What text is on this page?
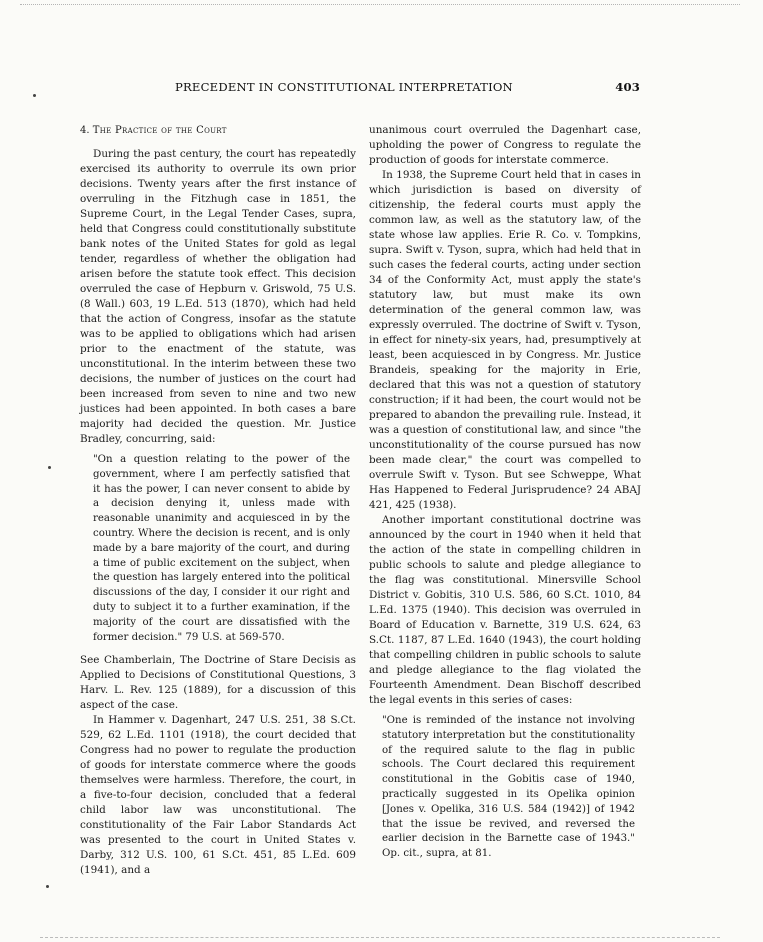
PRECEDENT IN CONSTITUTIONAL INTERPRETATION	403
4. The Practice of the Court

During the past century, the court has repeatedly exercised its authority to overrule its own prior decisions. Twenty years after the first instance of overruling in the Fitzhugh case in 1851, the Supreme Court, in the Legal Tender Cases, supra, held that Congress could constitutionally substitute bank notes of the United States for gold as legal tender, regardless of whether the obligation had arisen before the statute took effect. This decision overruled the case of Hepburn v. Griswold, 75 U.S. (8 Wall.) 603, 19 L.Ed. 513 (1870), which had held that the action of Congress, insofar as the statute was to be applied to obligations which had arisen prior to the enactment of the statute, was unconstitutional. In the interim between these two decisions, the number of justices on the court had been increased from seven to nine and two new justices had been appointed. In both cases a bare majority had decided the question. Mr. Justice Bradley, concurring, said:

"On a question relating to the power of the government, where I am perfectly satisfied that it has the power, I can never consent to abide by a decision denying it, unless made with reasonable unanimity and acquiesced in by the country. Where the decision is recent, and is only made by a bare majority of the court, and during a time of public excitement on the subject, when the question has largely entered into the political discussions of the day, I consider it our right and duty to subject it to a further examination, if the majority of the court are dissatisfied with the former decision." 79 U.S. at 569-570.

See Chamberlain, The Doctrine of Stare Decisis as Applied to Decisions of Constitutional Questions, 3 Harv. L. Rev. 125 (1889), for a discussion of this aspect of the case.

In Hammer v. Dagenhart, 247 U.S. 251, 38 S.Ct. 529, 62 L.Ed. 1101 (1918), the court decided that Congress had no power to regulate the production of goods for interstate commerce where the goods themselves were harmless. Therefore, the court, in a five-to-four decision, concluded that a federal child labor law was unconstitutional. The constitutionality of the Fair Labor Standards Act was presented to the court in United States v. Darby, 312 U.S. 100, 61 S.Ct. 451, 85 L.Ed. 609 (1941), and a

unanimous court overruled the Dagenhart case, upholding the power of Congress to regulate the production of goods for interstate commerce.

In 1938, the Supreme Court held that in cases in which jurisdiction is based on diversity of citizenship, the federal courts must apply the common law, as well as the statutory law, of the state whose law applies. Erie R. Co. v. Tompkins, supra. Swift v. Tyson, supra, which had held that in such cases the federal courts, acting under section 34 of the Conformity Act, must apply the state's statutory law, but must make its own determination of the general common law, was expressly overruled. The doctrine of Swift v. Tyson, in effect for ninety-six years, had, presumptively at least, been acquiesced in by Congress. Mr. Justice Brandeis, speaking for the majority in Erie, declared that this was not a question of statutory construction; if it had been, the court would not be prepared to abandon the prevailing rule. Instead, it was a question of constitutional law, and since "the unconstitutionality of the course pursued has now been made clear," the court was compelled to overrule Swift v. Tyson. But see Schweppe, What Has Happened to Federal Jurisprudence? 24 ABAJ 421, 425 (1938).

Another important constitutional doctrine was announced by the court in 1940 when it held that the action of the state in compelling children in public schools to salute and pledge allegiance to the flag was constitutional. Minersville School District v. Gobitis, 310 U.S. 586, 60 S.Ct. 1010, 84 L.Ed. 1375 (1940). This decision was overruled in Board of Education v. Barnette, 319 U.S. 624, 63 S.Ct. 1187, 87 L.Ed. 1640 (1943), the court holding that compelling children in public schools to salute and pledge allegiance to the flag violated the Fourteenth Amendment. Dean Bischoff described the legal events in this series of cases:

"One is reminded of the instance not involving statutory interpretation but the constitutionality of the required salute to the flag in public schools. The Court declared this requirement constitutional in the Gobitis case of 1940, practically suggested in its Opelika opinion [Jones v. Opelika, 316 U.S. 584 (1942)] of 1942 that the issue be revived, and reversed the earlier decision in the Barnette case of 1943." Op. cit., supra, at 81.
